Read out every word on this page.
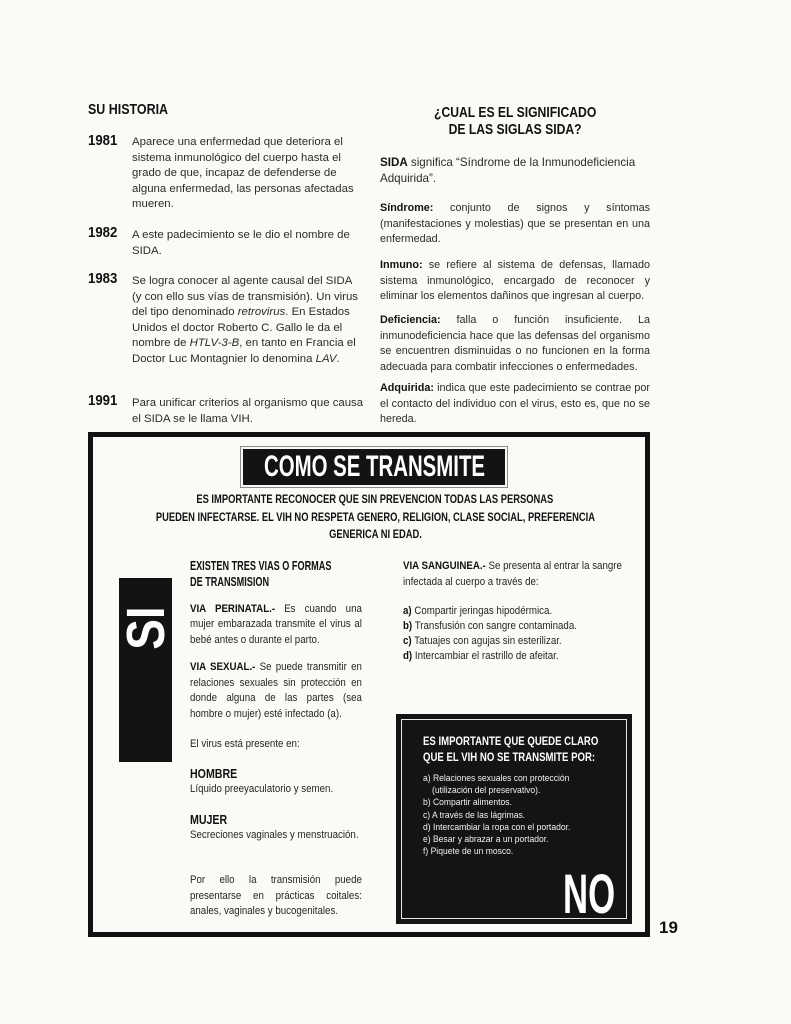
SU HISTORIA
1981 Aparece una enfermedad que deteriora el sistema inmunológico del cuerpo hasta el grado de que, incapaz de defenderse de alguna enfermedad, las personas afectadas mueren.

1982 A este padecimiento se le dio el nombre de SIDA.

1983 Se logra conocer al agente causal del SIDA (y con ello sus vías de transmisión). Un virus del tipo denominado retrovirus. En Estados Unidos el doctor Roberto C. Gallo le da el nombre de HTLV-3-B, en tanto en Francia el Doctor Luc Montagnier lo denomina LAV.

1991 Para unificar criterios al organismo que causa el SIDA se le llama VIH.

¿CUAL ES EL SIGNIFICADO
DE LAS SIGLAS SIDA?

SIDA significa “Síndrome de la Inmunodeficiencia Adquirida”.

Síndrome: conjunto de signos y síntomas (manifestaciones y molestias) que se presentan en una enfermedad.

Inmuno: se refiere al sistema de defensas, llamado sistema inmunológico, encargado de reconocer y eliminar los elementos dañinos que ingresan al cuerpo.

Deficiencia: falla o función insuficiente. La inmunodeficiencia hace que las defensas del organismo se encuentren disminuidas o no funcionen en la forma adecuada para combatir infecciones o enfermedades.

Adquirida: indica que este padecimiento se contrae por el contacto del individuo con el virus, esto es, que no se hereda.

COMO SE TRANSMITE
ES IMPORTANTE RECONOCER QUE SIN PREVENCION TODAS LAS PERSONAS
PUEDEN INFECTARSE. EL VIH NO RESPETA GENERO, RELIGION, CLASE SOCIAL, PREFERENCIA
GENERICA NI EDAD.
SI
EXISTEN TRES VIAS O FORMAS
DE TRANSMISION

VIA PERINATAL.- Es cuando una mujer embarazada transmite el virus al bebé antes o durante el parto.

VIA SEXUAL.- Se puede transmitir en relaciones sexuales sin protección en donde alguna de las partes (sea hombre o mujer) esté infectado (a).

El virus está presente en:

HOMBRE

Líquido preeyaculatorio y semen.

MUJER

Secreciones vaginales y menstruación.

Por ello la transmisión puede presentarse en prácticas coitales: anales, vaginales y bucogenitales.

VIA SANGUINEA.- Se presenta al entrar la sangre infectada al cuerpo a través de:

a) Compartir jeringas hipodérmica.
b) Transfusión con sangre contaminada.
c) Tatuajes con agujas sin esterilizar.
d) Intercambiar el rastrillo de afeitar.
ES IMPORTANTE QUE QUEDE CLARO
QUE EL VIH NO SE TRANSMITE POR:
a) Relaciones sexuales con protección
(utilización del preservativo).
b) Compartir alimentos.
c) A través de las lágrimas.
d) Intercambiar la ropa con el portador.
e) Besar y abrazar a un portador.
f) Piquete de un mosco.
NO
19
